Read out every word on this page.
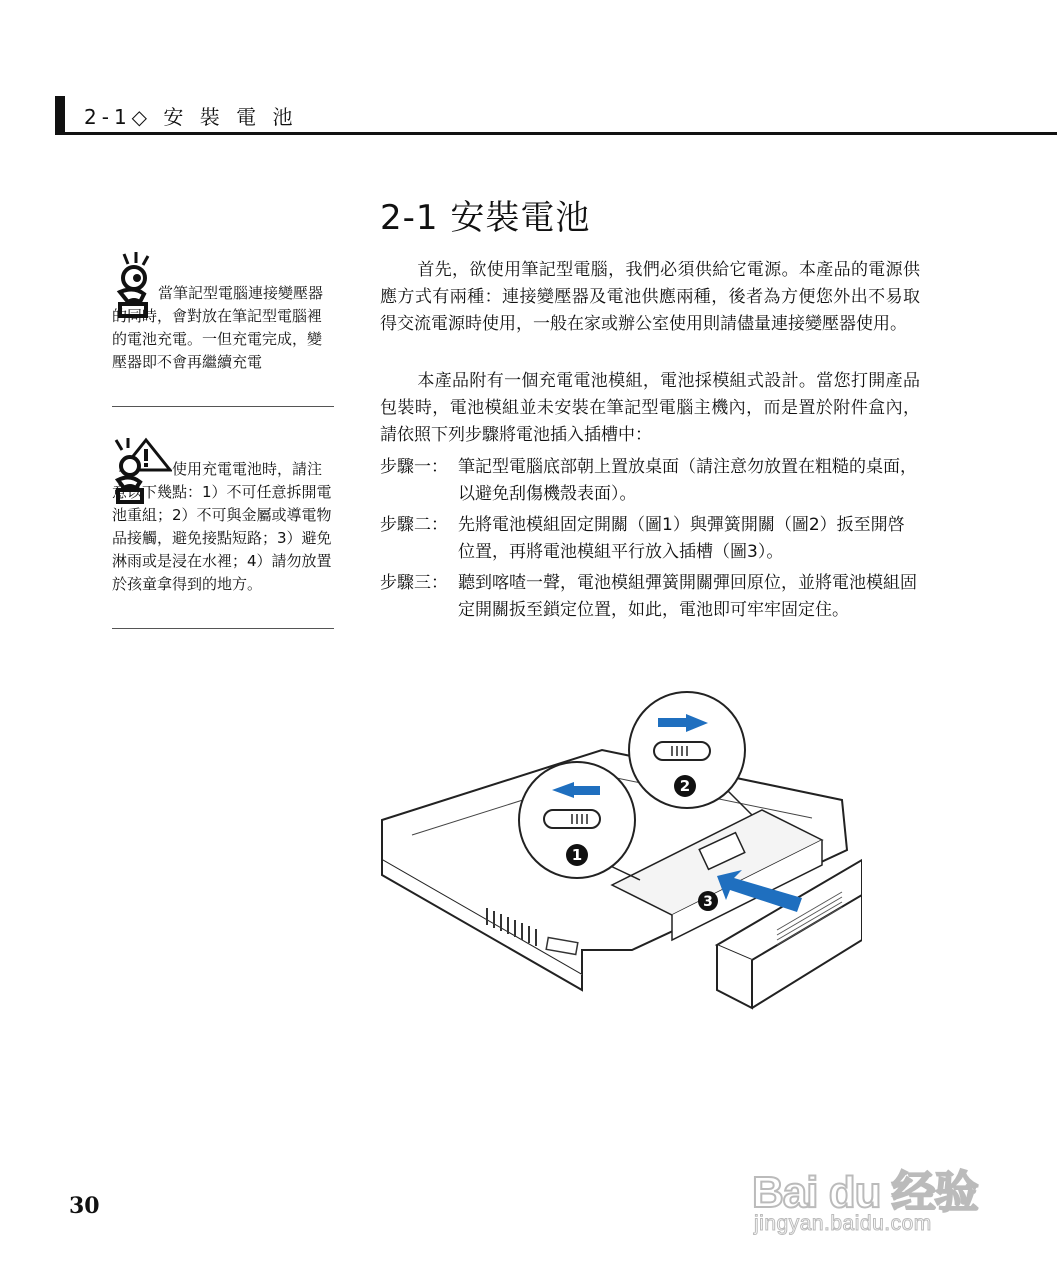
2-1◇ 安 裝 電 池
2-1 安裝電池
首先，欲使用筆記型電腦，我們必須供給它電源。本產品的電源供應方式有兩種：連接變壓器及電池供應兩種，後者為方便您外出不易取得交流電源時使用，一般在家或辦公室使用則請儘量連接變壓器使用。
本產品附有一個充電電池模組，電池採模組式設計。當您打開產品包裝時，電池模組並未安裝在筆記型電腦主機內，而是置於附件盒內，請依照下列步驟將電池插入插槽中：
步驟一： 筆記型電腦底部朝上置放桌面（請注意勿放置在粗糙的桌面，以避免刮傷機殼表面）。
步驟二： 先將電池模組固定開關（圖1）與彈簧開關（圖2）扳至開啓位置，再將電池模組平行放入插槽（圖3）。
步驟三： 聽到喀喳一聲，電池模組彈簧開關彈回原位，並將電池模組固定開關扳至鎖定位置，如此，電池即可牢牢固定住。
當筆記型電腦連接變壓器的同時，會對放在筆記型電腦裡的電池充電。一但充電完成，變壓器即不會再繼續充電
使用充電電池時，請注意以下幾點：1）不可任意拆開電池重組；2）不可與金屬或導電物品接觸，避免接點短路；3）避免淋雨或是浸在水裡；4）請勿放置於孩童拿得到的地方。
3
1
2
30	Bai du 经验
jingyan.baidu.com
